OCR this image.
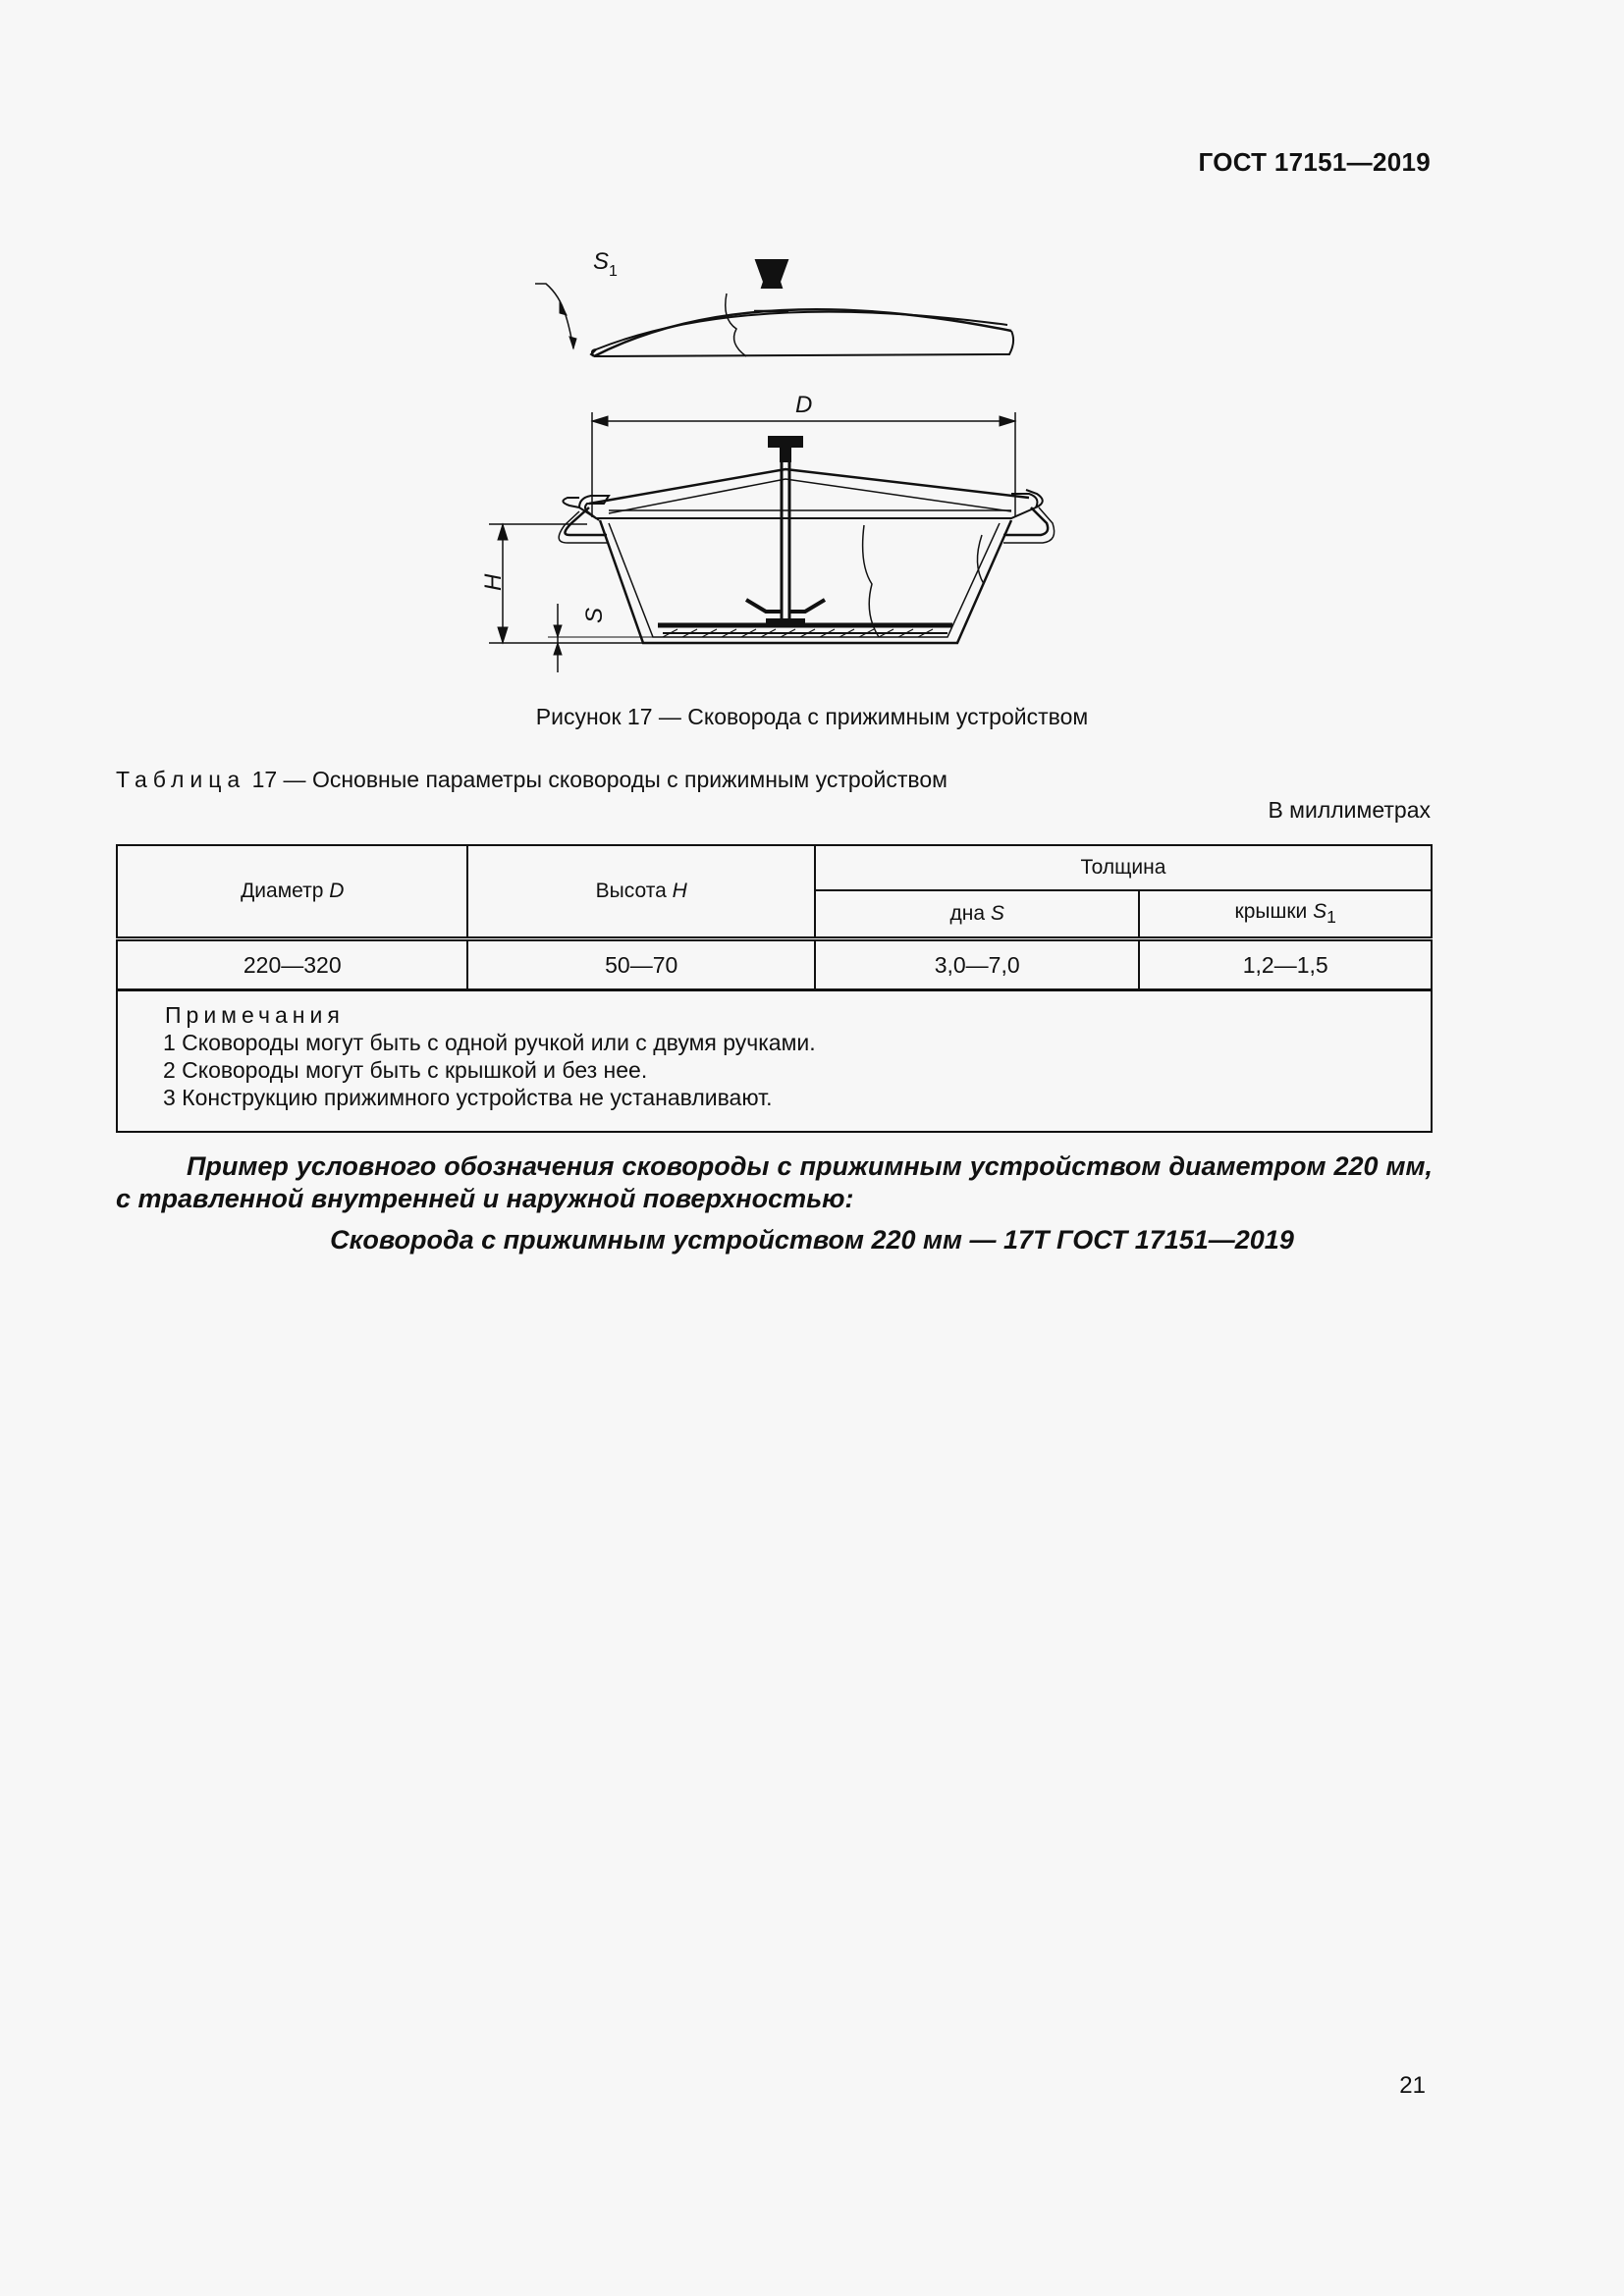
ГОСТ 17151—2019
S 1
D
H
S
Рисунок 17 — Сковорода с прижимным устройством
Таблица 17 — Основные параметры сковороды с прижимным устройством
В миллиметрах
Диаметр D	Высота H	Толщина	
		дна S	крышки $S_1$
220—320	50—70	3,0—7,0	1,2—1,5

Примечания
1 Сковороды могут быть с одной ручкой или с двумя ручками.
2 Сковороды могут быть с крышкой и без нее.
3 Конструкцию прижимного устройства не устанавливают.			
Пример условного обозначения сковороды с прижимным устройством диаметром 220 мм, с травленной внутренней и наружной поверхностью:
Сковорода с прижимным устройством 220 мм — 17Т ГОСТ 17151—2019
21
